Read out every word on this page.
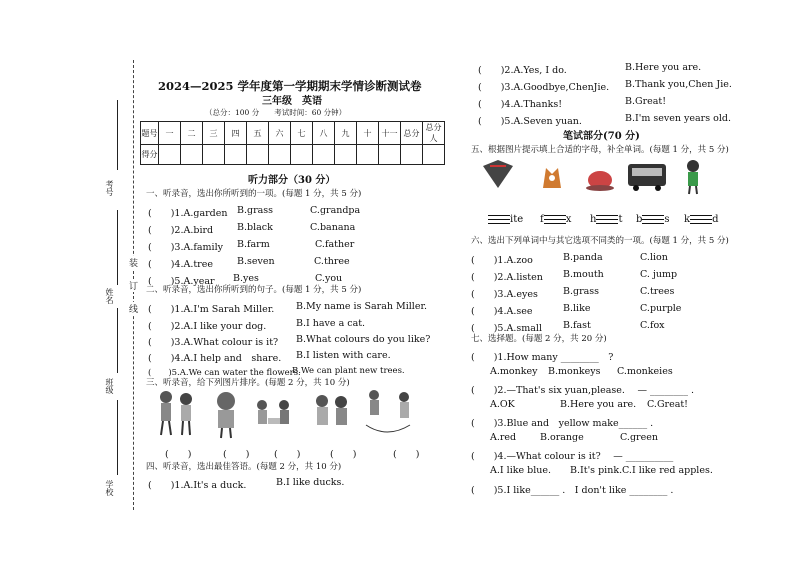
考号
姓名
班级
学校
装
订
线
2024—2025 学年度第一学期期末学情诊断测试卷
三年级 英语
（总分：100 分　　考试时间：60 分钟）
题号	一	二	三	四	五	六	七	八	九	十	十一	总分	总分人
得分													
听力部分（30 分）
一、听录音，选出你所听到的一项。(每题 1 分，共 5 分)
(　　)1.A.garden B.grass	C.grandpa
(　　)2.A.bird	B.black	C.banana
(　　)3.A.family B.farm	C.father
(　　)4.A.tree	B.seven	C.three
(　　)5.A.year B.yes	C.you
二、听录音，选出你所听到的句子。(每题 1 分，共 5 分)
(　　)1.A.I'm Sarah Miller. B.My name is Sarah Miller.
(　　)2.A.I like your dog.	B.I have a cat.
(　　)3.A.What colour is it? B.What colours do you like?
(　　)4.A.I help and　share. B.I listen with care.
(　　)5.A.We can water the flowers.
B.We can plant new trees.
三、听录音，给下列图片排序。(每题 2 分，共 10 分)
(　　)	(　　)	(　　)	(　　)	(　　)
四、听录音，选出最佳答语。(每题 2 分，共 10 分)
(　　)1.A.It's a duck.	B.I like ducks.
(　　)2.A.Yes, I do.	B.Here you are.
(　　)3.A.Goodbye,ChenJie. B.Thank you,Chen Jie.
(　　)4.A.Thanks!	B.Great!
(　　)5.A.Seven yuan.	B.I'm seven years old.
笔试部分(70 分)
五、根据图片提示填上合适的字母，补全单词。(每题 1 分，共 5 分)
ite f x h t b s k d
六、选出下列单词中与其它选项不同类的一项。(每题 1 分，共 5 分)
(　　)1.A.zoo	B.panda	C.lion
(　　)2.A.listen B.mouth	C. jump
(　　)3.A.eyes	B.grass	C.trees
(　　)4.A.see	B.like	C.purple
(　　)5.A.small B.fast	C.fox
七、选择题。(每题 2 分，共 20 分)
(　　)1.How many ________　?
A.monkey B.monkeys C.monkeies
(　　)2.—That's six yuan,please.　 — ________ .
A.OK	B.Here you are. C.Great!
(　　)3.Blue and　yellow make______ .
A.red	B.orange	C.green
(　　)4.—What colour is it?　 — __________
A.I like blue. B.It's pink. C.I like red apples.
(　　)5.I like______ .　I don't like ________ .
